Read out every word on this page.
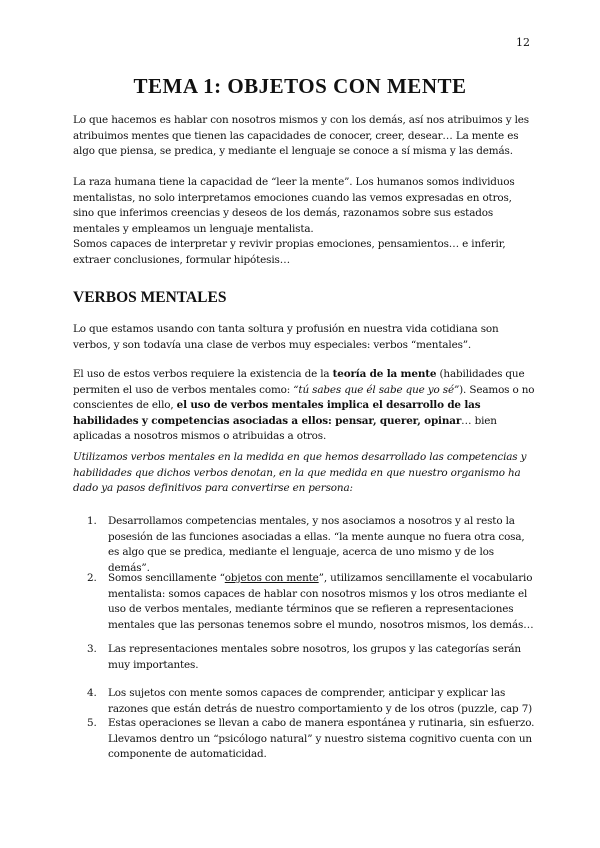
12
TEMA 1: OBJETOS CON MENTE

Lo que hacemos es hablar con nosotros mismos y con los demás, así nos atribuimos y les atribuimos mentes que tienen las capacidades de conocer, creer, desear… La mente es algo que piensa, se predica, y mediante el lenguaje se conoce a sí misma y las demás.

La raza humana tiene la capacidad de “leer la mente”. Los humanos somos individuos mentalistas, no solo interpretamos emociones cuando las vemos expresadas en otros, sino que inferimos creencias y deseos de los demás, razonamos sobre sus estados mentales y empleamos un lenguaje mentalista.

Somos capaces de interpretar y revivir propias emociones, pensamientos… e inferir, extraer conclusiones, formular hipótesis…

VERBOS MENTALES

Lo que estamos usando con tanta soltura y profusión en nuestra vida cotidiana son verbos, y son todavía una clase de verbos muy especiales: verbos “mentales”.

El uso de estos verbos requiere la existencia de la teoría de la mente (habilidades que permiten el uso de verbos mentales como: “tú sabes que él sabe que yo sé”). Seamos o no conscientes de ello, el uso de verbos mentales implica el desarrollo de las habilidades y competencias asociadas a ellos: pensar, querer, opinar… bien aplicadas a nosotros mismos o atribuidas a otros.

Utilizamos verbos mentales en la medida en que hemos desarrollado las competencias y habilidades que dichos verbos denotan, en la que medida en que nuestro organismo ha dado ya pasos definitivos para convertirse en persona:

1. Desarrollamos competencias mentales, y nos asociamos a nosotros y al resto la posesión de las funciones asociadas a ellas. “la mente aunque no fuera otra cosa, es algo que se predica, mediante el lenguaje, acerca de uno mismo y de los demás”.
2. Somos sencillamente “objetos con mente”, utilizamos sencillamente el vocabulario mentalista: somos capaces de hablar con nosotros mismos y los otros mediante el uso de verbos mentales, mediante términos que se refieren a representaciones mentales que las personas tenemos sobre el mundo, nosotros mismos, los demás…
3. Las representaciones mentales sobre nosotros, los grupos y las categorías serán muy importantes.
4. Los sujetos con mente somos capaces de comprender, anticipar y explicar las razones que están detrás de nuestro comportamiento y de los otros (puzzle, cap 7)
5. Estas operaciones se llevan a cabo de manera espontánea y rutinaria, sin esfuerzo. Llevamos dentro un “psicólogo natural” y nuestro sistema cognitivo cuenta con un componente de automaticidad.
